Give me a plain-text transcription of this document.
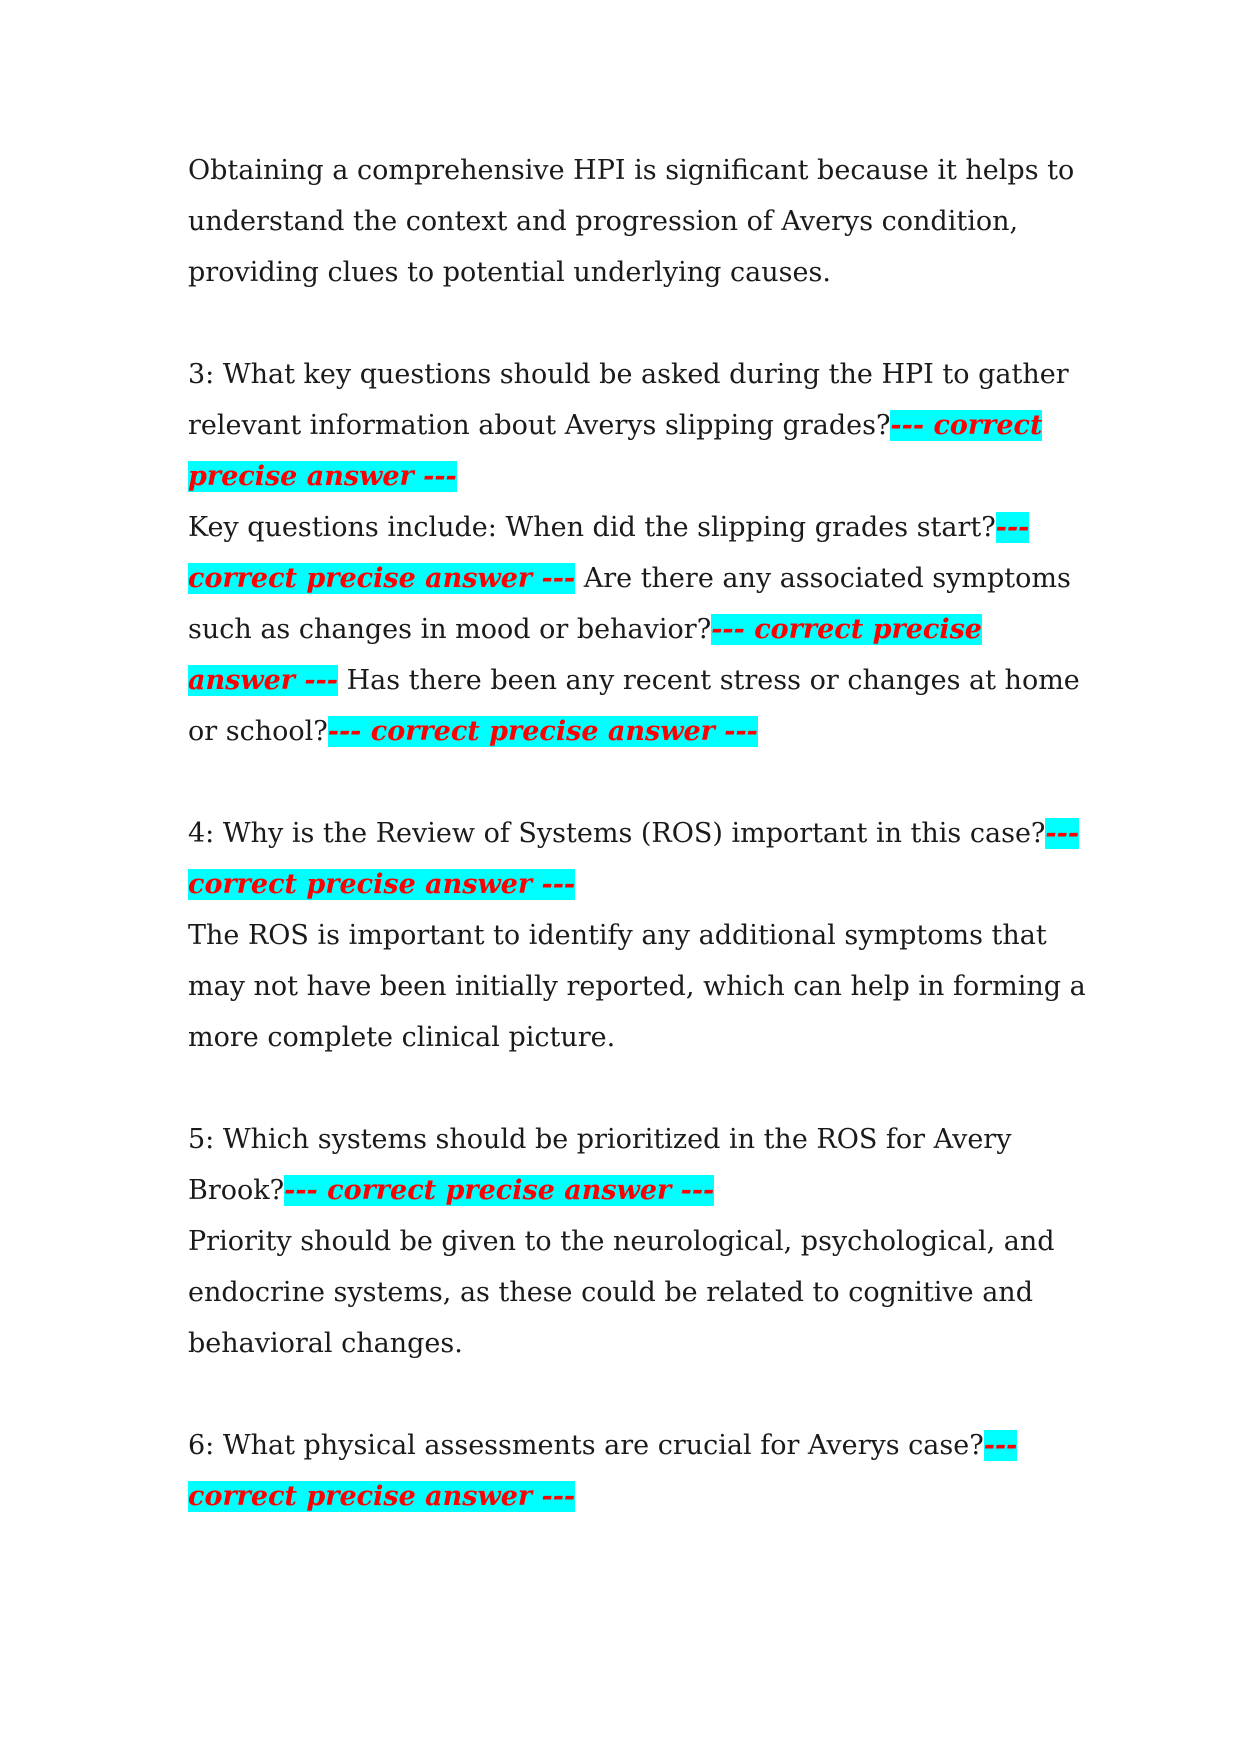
Obtaining a comprehensive HPI is significant because it helps to understand the context and progression of Averys condition, providing clues to potential underlying causes.

3: What key questions should be asked during the HPI to gather relevant information about Averys slipping grades?--- correct precise answer ---

Key questions include: When did the slipping grades start?--- correct precise answer --- Are there any associated symptoms such as changes in mood or behavior?--- correct precise answer --- Has there been any recent stress or changes at home or school?--- correct precise answer ---

4: Why is the Review of Systems (ROS) important in this case?--- correct precise answer ---

The ROS is important to identify any additional symptoms that may not have been initially reported, which can help in forming a more complete clinical picture.

5: Which systems should be prioritized in the ROS for Avery Brook?--- correct precise answer ---

Priority should be given to the neurological, psychological, and endocrine systems, as these could be related to cognitive and behavioral changes.

6: What physical assessments are crucial for Averys case?--- correct precise answer ---
